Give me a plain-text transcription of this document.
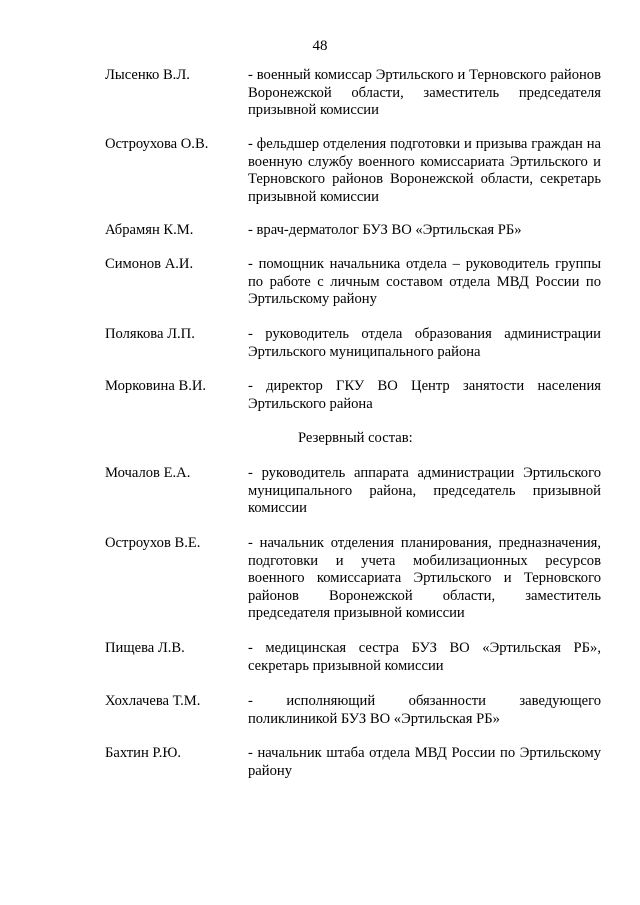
48
Лысенко В.Л.	- военный комиссар Эртильского и Терновского районов Воронежской области, заместитель председателя призывной комиссии
Остроухова О.В.	- фельдшер отделения подготовки и призыва граждан на военную службу военного комиссариата Эртильского и Терновского районов Воронежской области, секретарь призывной комиссии
Абрамян К.М.	- врач-дерматолог БУЗ ВО «Эртильская РБ»
Симонов А.И.	- помощник начальника отдела – руководитель группы по работе с личным составом отдела МВД России по Эртильскому району
Полякова Л.П.	- руководитель отдела образования администрации Эртильского муниципального района
Морковина В.И.	- директор ГКУ ВО Центр занятости населения Эртильского района
Резервный состав:
Мочалов Е.А.	- руководитель аппарата администрации Эртильского муниципального района, председатель призывной комиссии
Остроухов В.Е.	- начальник отделения планирования, предназначения, подготовки и учета мобилизационных ресурсов военного комиссариата Эртильского и Терновского районов Воронежской области, заместитель председателя призывной комиссии
Пищева Л.В.	- медицинская сестра БУЗ ВО «Эртильская РБ», секретарь призывной комиссии
Хохлачева Т.М.	- исполняющий обязанности заведующего поликлиникой БУЗ ВО «Эртильская РБ»
Бахтин Р.Ю.	- начальник штаба отдела МВД России по Эртильскому району
